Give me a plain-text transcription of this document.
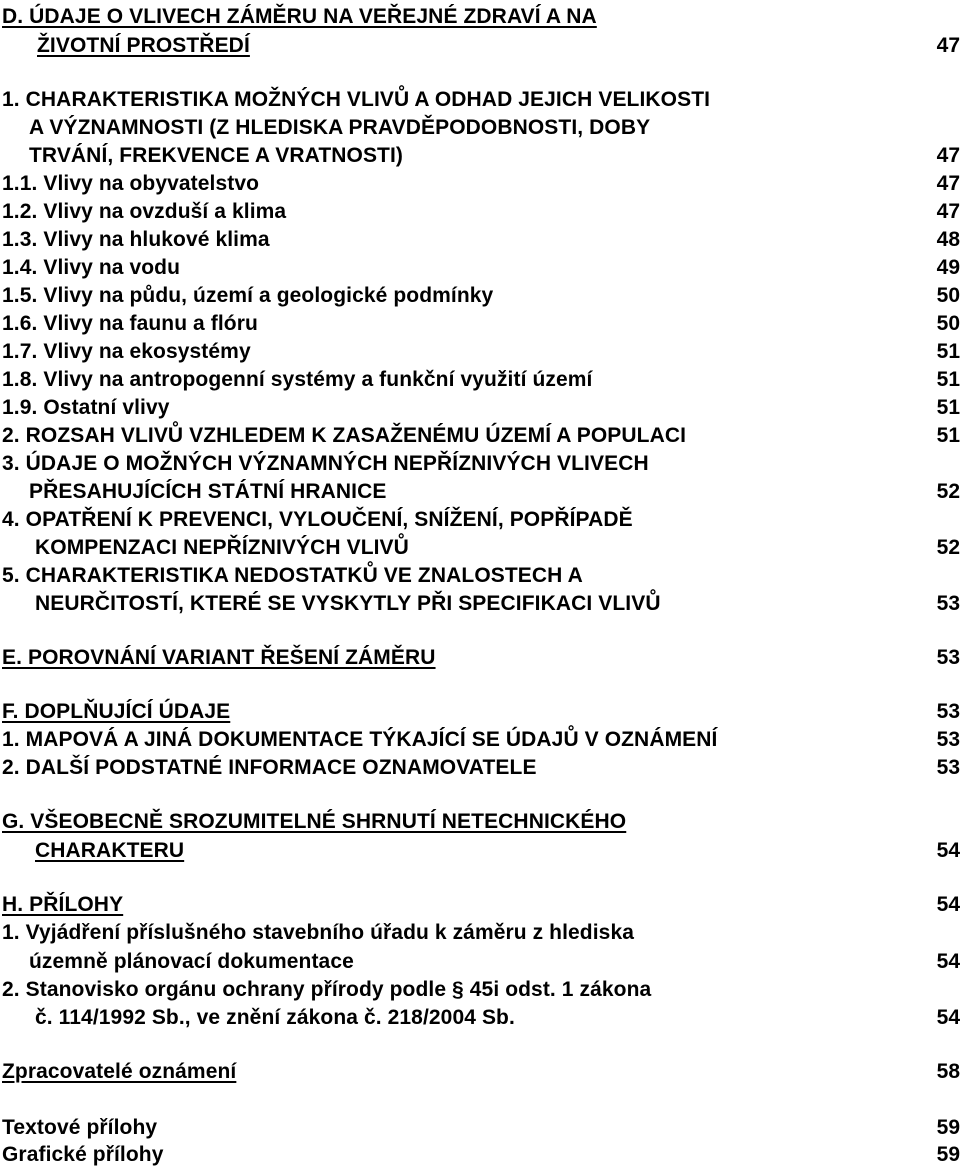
D. ÚDAJE O VLIVECH ZÁMĚRU NA VEŘEJNÉ ZDRAVÍ A NA
ŽIVOTNÍ PROSTŘEDÍ	47
1. CHARAKTERISTIKA MOŽNÝCH VLIVŮ A ODHAD JEJICH VELIKOSTI
A VÝZNAMNOSTI (Z HLEDISKA PRAVDĚPODOBNOSTI, DOBY
TRVÁNÍ, FREKVENCE A VRATNOSTI)	47
1.1. Vlivy na obyvatelstvo	47
1.2. Vlivy na ovzduší a klima	47
1.3. Vlivy na hlukové klima	48
1.4. Vlivy na vodu	49
1.5. Vlivy na půdu, území a geologické podmínky	50
1.6. Vlivy na faunu a flóru	50
1.7. Vlivy na ekosystémy	51
1.8. Vlivy na antropogenní systémy a funkční využití území	51
1.9. Ostatní vlivy	51
2. ROZSAH VLIVŮ VZHLEDEM K ZASAŽENÉMU ÚZEMÍ A POPULACI	51
3. ÚDAJE O MOŽNÝCH VÝZNAMNÝCH NEPŘÍZNIVÝCH VLIVECH
PŘESAHUJÍCÍCH STÁTNÍ HRANICE	52
4. OPATŘENÍ K PREVENCI, VYLOUČENÍ, SNÍŽENÍ, POPŘÍPADĚ
KOMPENZACI NEPŘÍZNIVÝCH VLIVŮ	52
5. CHARAKTERISTIKA NEDOSTATKŮ VE ZNALOSTECH A
NEURČITOSTÍ, KTERÉ SE VYSKYTLY PŘI SPECIFIKACI VLIVŮ	53
E. POROVNÁNÍ VARIANT ŘEŠENÍ ZÁMĚRU	53
F. DOPLŇUJÍCÍ ÚDAJE	53
1. MAPOVÁ A JINÁ DOKUMENTACE TÝKAJÍCÍ SE ÚDAJŮ V OZNÁMENÍ	53
2. DALŠÍ PODSTATNÉ INFORMACE OZNAMOVATELE	53
G. VŠEOBECNĚ SROZUMITELNÉ SHRNUTÍ NETECHNICKÉHO
CHARAKTERU	54
H. PŘÍLOHY	54
1. Vyjádření příslušného stavebního úřadu k záměru z hlediska
územně plánovací dokumentace	54
2. Stanovisko orgánu ochrany přírody podle § 45i odst. 1 zákona
č. 114/1992 Sb., ve znění zákona č. 218/2004 Sb.	54
Zpracovatelé oznámení	58
Textové přílohy	59
Grafické přílohy	59
